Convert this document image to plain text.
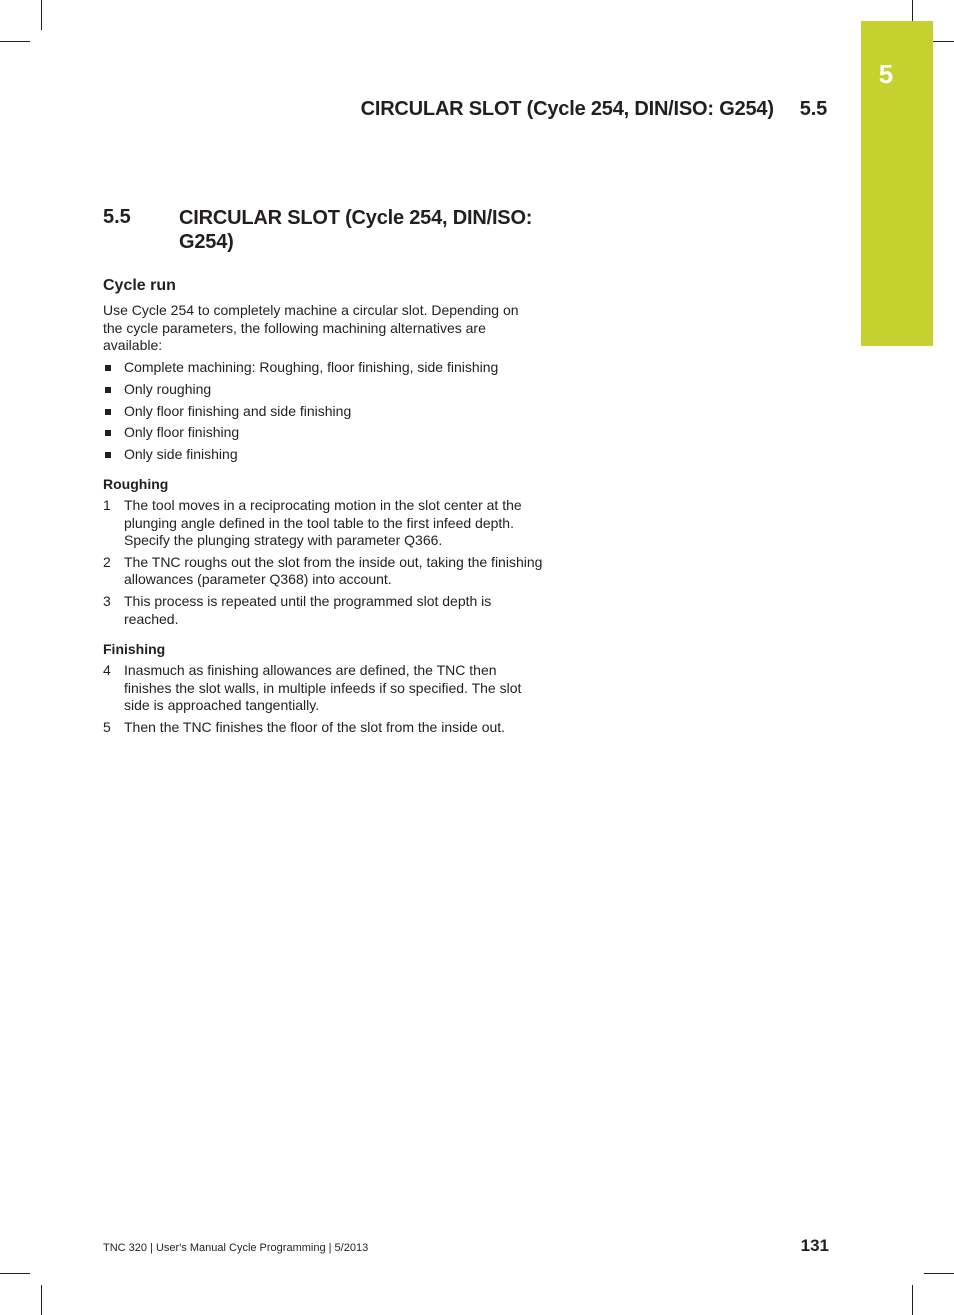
5
CIRCULAR SLOT (Cycle 254, DIN/ISO: G254) 5.5
5.5 CIRCULAR SLOT (Cycle 254, DIN/ISO: G254)
Cycle run
Use Cycle 254 to completely machine a circular slot. Depending on the cycle parameters, the following machining alternatives are available:
Complete machining: Roughing, floor finishing, side finishing
Only roughing
Only floor finishing and side finishing
Only floor finishing
Only side finishing
Roughing
1 The tool moves in a reciprocating motion in the slot center at the plunging angle defined in the tool table to the first infeed depth. Specify the plunging strategy with parameter Q366.
2 The TNC roughs out the slot from the inside out, taking the finishing allowances (parameter Q368) into account.
3 This process is repeated until the programmed slot depth is reached.
Finishing
4 Inasmuch as finishing allowances are defined, the TNC then finishes the slot walls, in multiple infeeds if so specified. The slot side is approached tangentially.
5 Then the TNC finishes the floor of the slot from the inside out.
TNC 320 | User's Manual Cycle Programming | 5/2013	131
